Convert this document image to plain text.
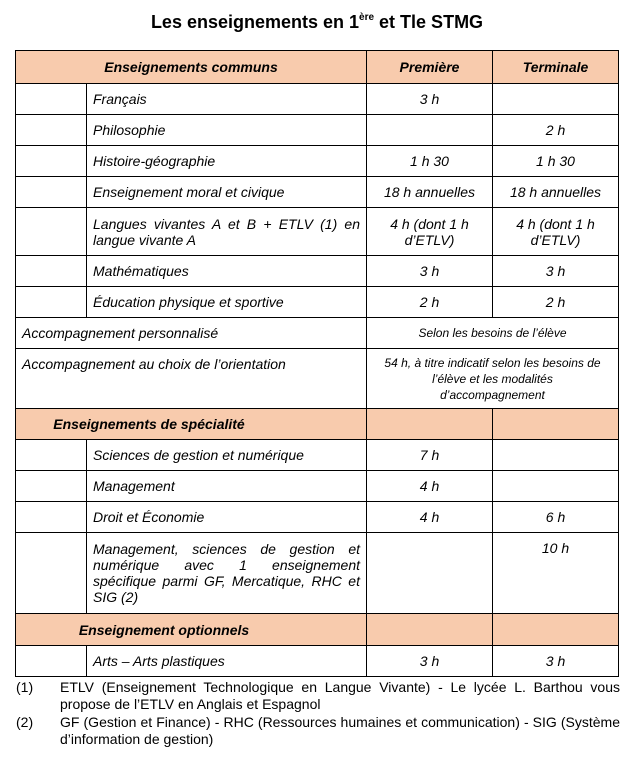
Les enseignements en 1ère et Tle STMG
Enseignements communs		Première	Terminale
	Français	3 h	
	Philosophie		2 h
	Histoire-géographie	1 h 30	1 h 30
	Enseignement moral et civique	18 h annuelles	18 h annuelles
	Langues vivantes A et B + ETLV (1) en langue vivante A	4 h (dont 1 h d’ETLV)	4 h (dont 1 h d’ETLV)
	Mathématiques	3 h	3 h
	Éducation physique et sportive	2 h	2 h
Accompagnement personnalisé		Selon les besoins de l’élève	
Accompagnement au choix de l’orientation		54 h, à titre indicatif selon les besoins de l’élève et les modalités d’accompagnement	
Enseignements de spécialité			
	Sciences de gestion et numérique	7 h	
	Management	4 h	
	Droit et Économie	4 h	6 h
	Management, sciences de gestion et numérique avec 1 enseignement spécifique parmi GF, Mercatique, RHC et SIG (2)		10 h
Enseignement optionnels			
	Arts – Arts plastiques	3 h	3 h
(1)	ETLV (Enseignement Technologique en Langue Vivante) - Le lycée L. Barthou vous propose de l’ETLV en Anglais et Espagnol
(2)	GF (Gestion et Finance) - RHC (Ressources humaines et communication) - SIG (Système d’information de gestion)
